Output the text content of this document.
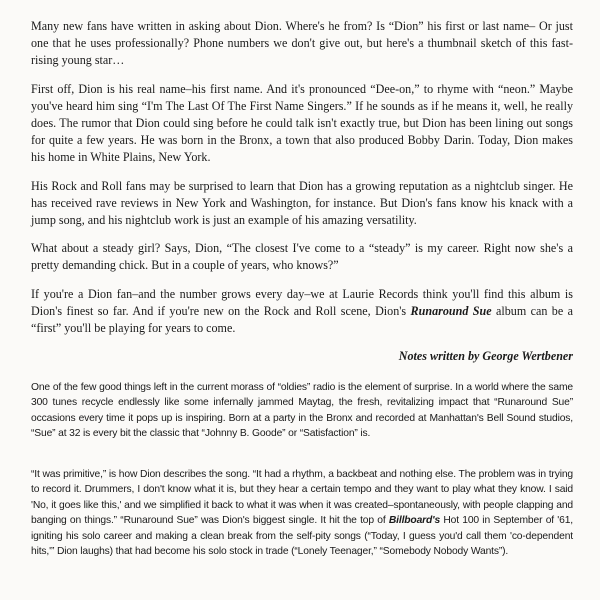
Many new fans have written in asking about Dion. Where's he from? Is “Dion” his first or last name– Or just one that he uses professionally? Phone numbers we don't give out, but here's a thumbnail sketch of this fast-rising young star…

First off, Dion is his real name–his first name. And it's pronounced “Dee-on,” to rhyme with “neon.” Maybe you've heard him sing “I'm The Last Of The First Name Singers.” If he sounds as if he means it, well, he really does. The rumor that Dion could sing before he could talk isn't exactly true, but Dion has been lining out songs for quite a few years. He was born in the Bronx, a town that also produced Bobby Darin. Today, Dion makes his home in White Plains, New York.

His Rock and Roll fans may be surprised to learn that Dion has a growing reputation as a nightclub singer. He has received rave reviews in New York and Washington, for instance. But Dion's fans know his knack with a jump song, and his nightclub work is just an example of his amazing versatility.

What about a steady girl? Says, Dion, “The closest I've come to a “steady” is my career. Right now she's a pretty demanding chick. But in a couple of years, who knows?”

If you're a Dion fan–and the number grows every day–we at Laurie Records think you'll find this album is Dion's finest so far. And if you're new on the Rock and Roll scene, Dion's Runaround Sue album can be a “first” you'll be playing for years to come.

Notes written by George Wertbener

One of the few good things left in the current morass of “oldies” radio is the element of surprise. In a world where the same 300 tunes recycle endlessly like some infernally jammed Maytag, the fresh, revitalizing impact that “Runaround Sue” occasions every time it pops up is inspiring. Born at a party in the Bronx and recorded at Manhattan's Bell Sound studios, “Sue” at 32 is every bit the classic that “Johnny B. Goode” or “Satisfaction” is.

“It was primitive,” is how Dion describes the song. “It had a rhythm, a backbeat and nothing else. The problem was in trying to record it. Drummers, I don't know what it is, but they hear a certain tempo and they want to play what they know. I said 'No, it goes like this,' and we simplified it back to what it was when it was created–spontaneously, with people clapping and banging on things.” “Runaround Sue” was Dion's biggest single. It hit the top of Billboard's Hot 100 in September of '61, igniting his solo career and making a clean break from the self-pity songs (“Today, I guess you'd call them 'co-dependent hits,'” Dion laughs) that had become his solo stock in trade (“Lonely Teenager,” “Somebody Nobody Wants”).
